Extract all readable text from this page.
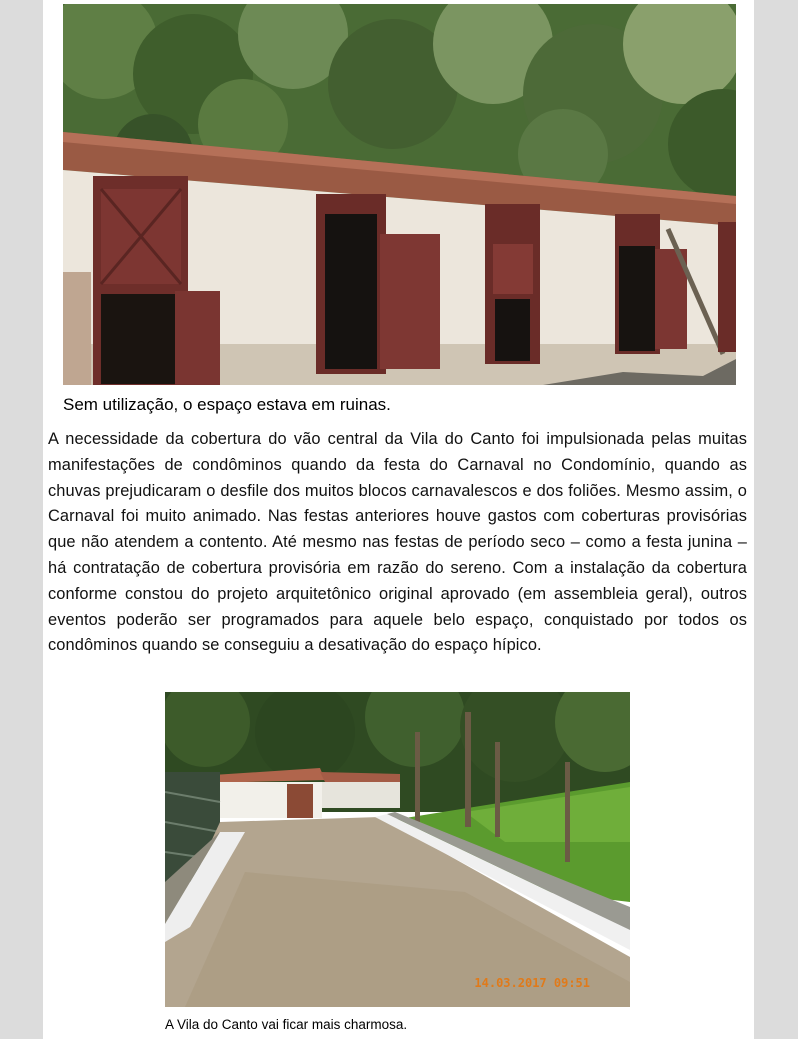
Sem utilização, o espaço estava em ruinas.

A necessidade da cobertura do vão central da Vila do Canto foi impulsionada pelas muitas manifestações de condôminos quando da festa do Carnaval no Condomínio, quando as chuvas prejudicaram o desfile dos muitos blocos carnavalescos e dos foliões. Mesmo assim, o Carnaval foi muito animado. Nas festas anteriores houve gastos com coberturas provisórias que não atendem a contento. Até mesmo nas festas de período seco – como a festa junina – há contratação de cobertura provisória em razão do sereno. Com a instalação da cobertura conforme constou do projeto arquitetônico original aprovado (em assembleia geral), outros eventos poderão ser programados para aquele belo espaço, conquistado por todos os condôminos quando se conseguiu a desativação do espaço hípico.

14.03.2017 09:51
A Vila do Canto vai ficar mais charmosa.
